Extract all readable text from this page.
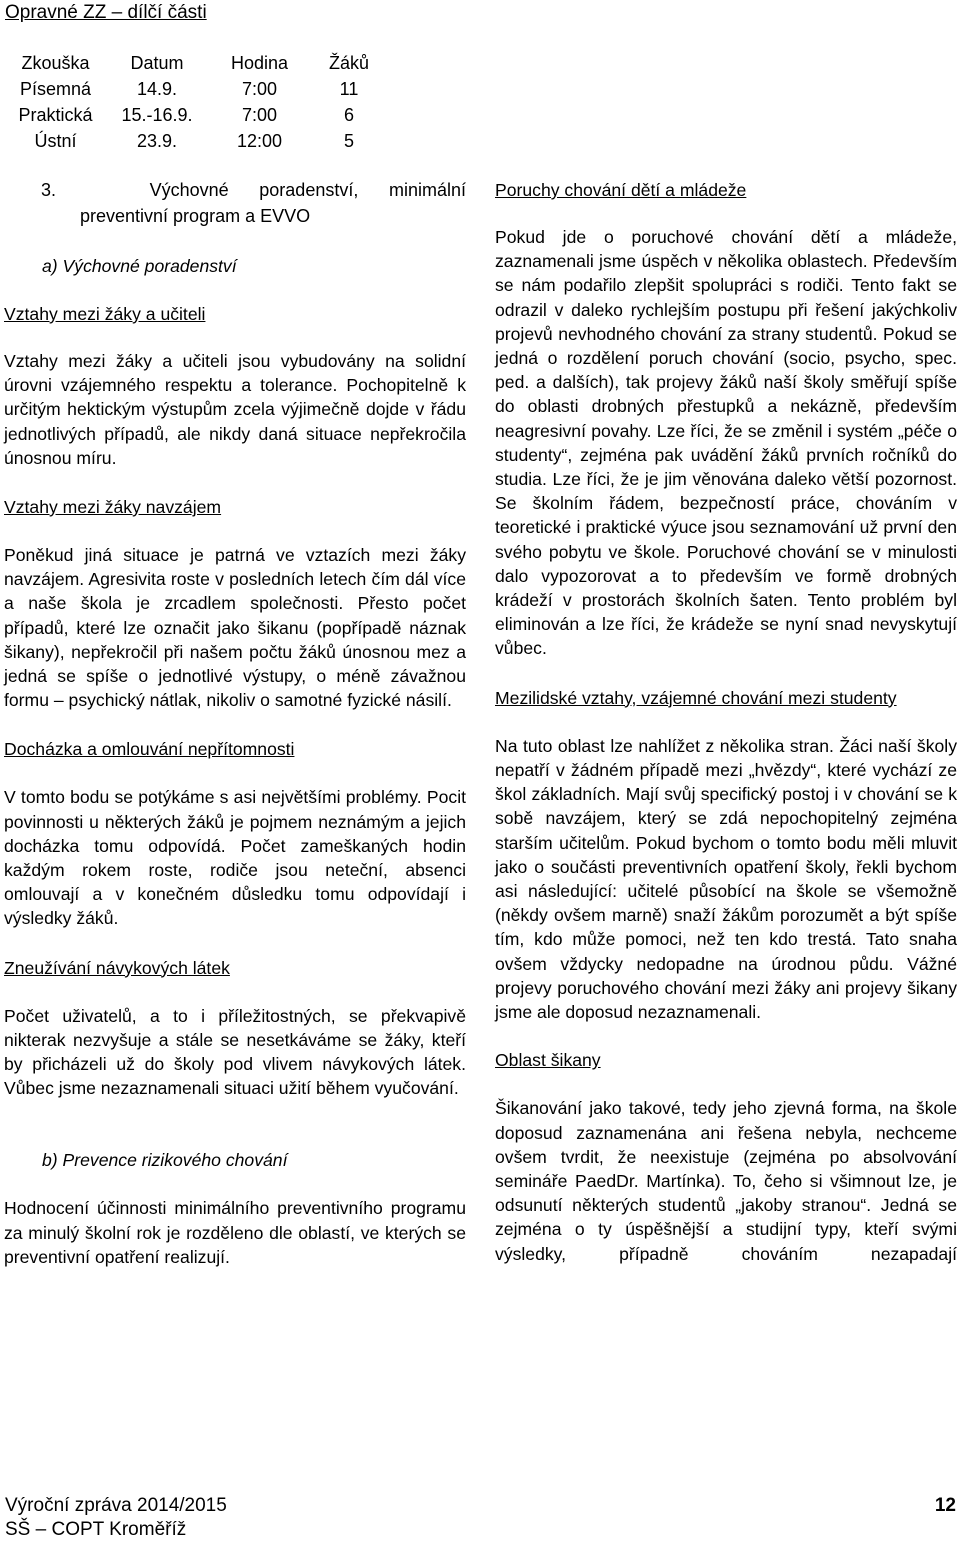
Opravné ZZ – dílčí části
Zkouška	Datum	Hodina	Žáků
Písemná	14.9.	7:00	11
Praktická	15.-16.9.	7:00	6
Ústní	23.9.	12:00	5
3.	Výchovné poradenství, minimální
preventivní program a EVVO
a) Výchovné poradenství
Vztahy mezi žáky a učiteli

Vztahy mezi žáky a učiteli jsou vybudovány na solidní úrovni vzájemného respektu a tolerance. Pochopitelně k určitým hektickým výstupům zcela výjimečně dojde v řádu jednotlivých případů, ale nikdy daná situace nepřekročila únosnou míru.

Vztahy mezi žáky navzájem

Poněkud jiná situace je patrná ve vztazích mezi žáky navzájem. Agresivita roste v posledních letech čím dál více a naše škola je zrcadlem společnosti. Přesto počet případů, které lze označit jako šikanu (popřípadě náznak šikany), nepřekročil při našem počtu žáků únosnou mez a jedná se spíše o jednotlivé výstupy, o méně závažnou formu – psychický nátlak, nikoliv o samotné fyzické násilí.

Docházka a omlouvání nepřítomnosti

V tomto bodu se potýkáme s asi největšími problémy. Pocit povinnosti u některých žáků je pojmem neznámým a jejich docházka tomu odpovídá. Počet zameškaných hodin každým rokem roste, rodiče jsou neteční, absenci omlouvají a v konečném důsledku tomu odpovídají i výsledky žáků.

Zneužívání návykových látek

Počet uživatelů, a to i příležitostných, se překvapivě nikterak nezvyšuje a stále se nesetkáváme se žáky, kteří by přicházeli už do školy pod vlivem návykových látek. Vůbec jsme nezaznamenali situaci užití během vyučování.

b) Prevence rizikového chování

Hodnocení účinnosti minimálního preventivního programu za minulý školní rok je rozděleno dle oblastí, ve kterých se preventivní opatření realizují.

Poruchy chování dětí a mládeže

Pokud jde o poruchové chování dětí a mládeže, zaznamenali jsme úspěch v několika oblastech. Především se nám podařilo zlepšit spolupráci s rodiči. Tento fakt se odrazil v daleko rychlejším postupu při řešení jakýchkoliv projevů nevhodného chování za strany studentů. Pokud se jedná o rozdělení poruch chování (socio, psycho, spec. ped. a dalších), tak projevy žáků naší školy směřují spíše do oblasti drobných přestupků a nekázně, především neagresivní povahy. Lze říci, že se změnil i systém „péče o studenty“, zejména pak uvádění žáků prvních ročníků do studia. Lze říci, že je jim věnována daleko větší pozornost. Se školním řádem, bezpečností práce, chováním v teoretické i praktické výuce jsou seznamování už první den svého pobytu ve škole. Poruchové chování se v minulosti dalo vypozorovat a to především ve formě drobných krádeží v prostorách školních šaten. Tento problém byl eliminován a lze říci, že krádeže se nyní snad nevyskytují vůbec.

Mezilidské vztahy, vzájemné chování mezi studenty

Na tuto oblast lze nahlížet z několika stran. Žáci naší školy nepatří v žádném případě mezi „hvězdy“, které vychází ze škol základních. Mají svůj specifický postoj i v chování se k sobě navzájem, který se zdá nepochopitelný zejména starším učitelům. Pokud bychom o tomto bodu měli mluvit jako o součásti preventivních opatření školy, řekli bychom asi následující: učitelé působící na škole se všemožně (někdy ovšem marně) snaží žákům porozumět a být spíše tím, kdo může pomoci, než ten kdo trestá. Tato snaha ovšem vždycky nedopadne na úrodnou půdu. Vážné projevy poruchového chování mezi žáky ani projevy šikany jsme ale doposud nezaznamenali.

Oblast šikany

Šikanování jako takové, tedy jeho zjevná forma, na škole doposud zaznamenána ani řešena nebyla, nechceme ovšem tvrdit, že neexistuje (zejména po absolvování semináře PaedDr. Martínka). To, čeho si všimnout lze, je odsunutí některých studentů „jakoby stranou“. Jedná se zejména o ty úspěšnější a studijní typy, kteří svými výsledky, případně chováním nezapadají

Výroční zpráva 2014/2015
SŠ – COPT Kroměříž
12
